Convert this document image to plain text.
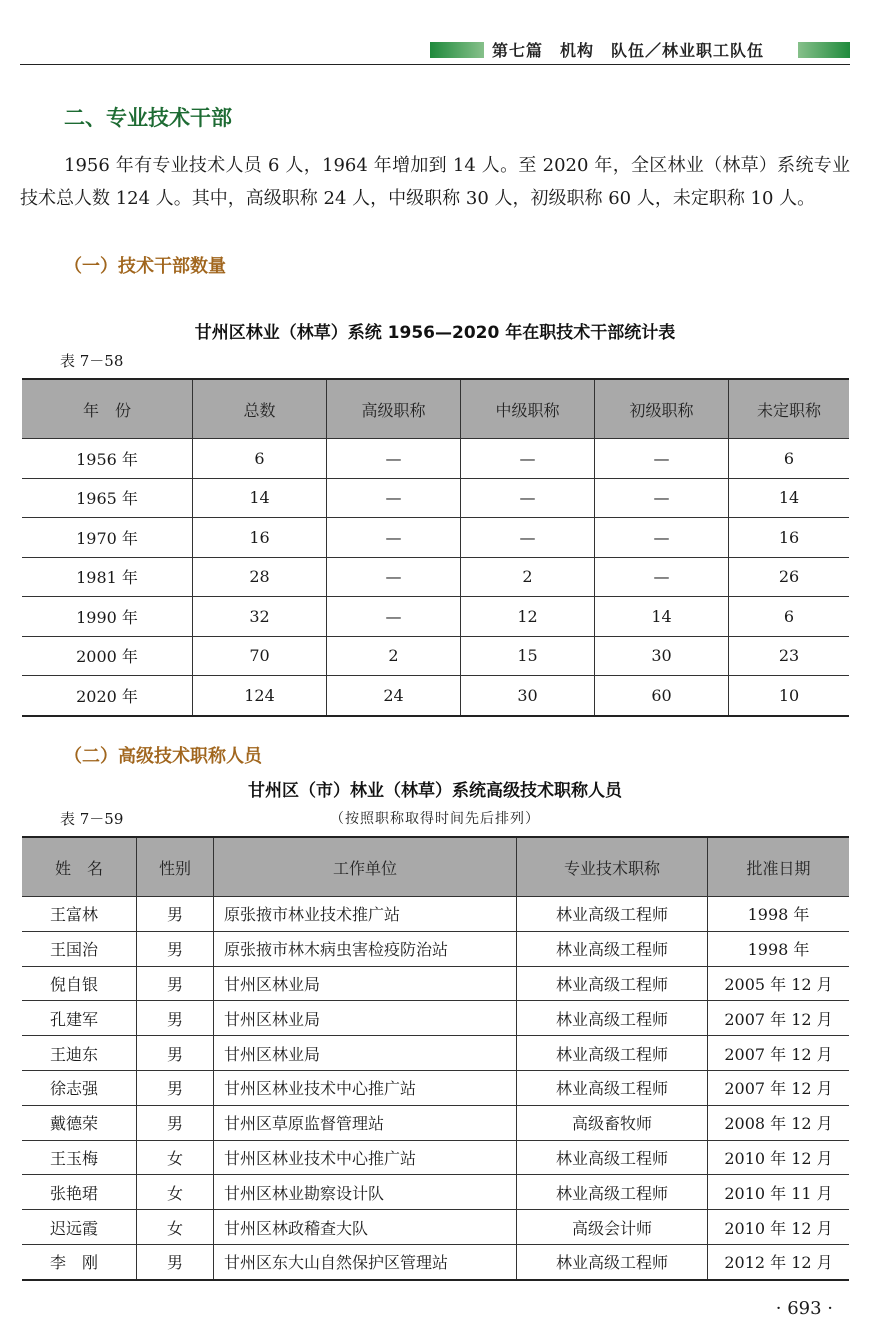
第七篇　机构　队伍／林业职工队伍
二、专业技术干部
1956 年有专业技术人员 6 人，1964 年增加到 14 人。至 2020 年，全区林业（林草）系统专业技术总人数 124 人。其中，高级职称 24 人，中级职称 30 人，初级职称 60 人，未定职称 10 人。
（一）技术干部数量
甘州区林业（林草）系统 1956—2020 年在职技术干部统计表
表 7－58
年　份	总数	高级职称	中级职称	初级职称	未定职称
1956 年	6	—	—	—	6
1965 年	14	—	—	—	14
1970 年	16	—	—	—	16
1981 年	28	—	2	—	26
1990 年	32	—	12	14	6
2000 年	70	2	15	30	23
2020 年	124	24	30	60	10
（二）高级技术职称人员
甘州区（市）林业（林草）系统高级技术职称人员
表 7－59	（按照职称取得时间先后排列）
姓　名	性别	工作单位	专业技术职称	批准日期
王富林	男	原张掖市林业技术推广站	林业高级工程师	1998 年
王国治	男	原张掖市林木病虫害检疫防治站	林业高级工程师	1998 年
倪自银	男	甘州区林业局	林业高级工程师	2005 年 12 月
孔建军	男	甘州区林业局	林业高级工程师	2007 年 12 月
王迪东	男	甘州区林业局	林业高级工程师	2007 年 12 月
徐志强	男	甘州区林业技术中心推广站	林业高级工程师	2007 年 12 月
戴德荣	男	甘州区草原监督管理站	高级畜牧师	2008 年 12 月
王玉梅	女	甘州区林业技术中心推广站	林业高级工程师	2010 年 12 月
张艳珺	女	甘州区林业勘察设计队	林业高级工程师	2010 年 11 月
迟远霞	女	甘州区林政稽查大队	高级会计师	2010 年 12 月
李　刚	男	甘州区东大山自然保护区管理站	林业高级工程师	2012 年 12 月
· 693 ·
